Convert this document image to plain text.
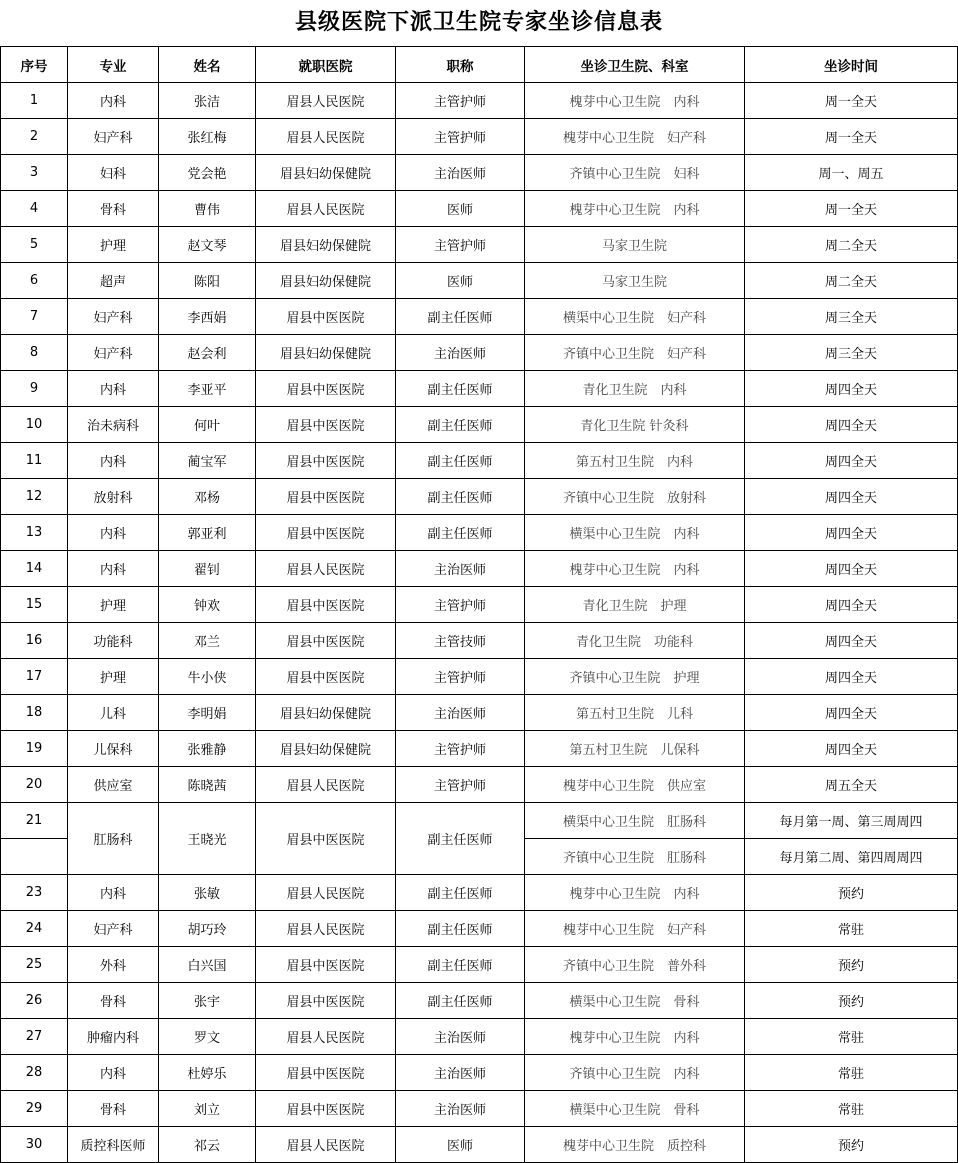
县级医院下派卫生院专家坐诊信息表
序号	专业	姓名	就职医院	职称	坐诊卫生院、科室	坐诊时间
1	内科	张洁	眉县人民医院	主管护师	槐芽中心卫生院　内科	周一全天
2	妇产科	张红梅	眉县人民医院	主管护师	槐芽中心卫生院　妇产科	周一全天
3	妇科	党会艳	眉县妇幼保健院	主治医师	齐镇中心卫生院　妇科	周一、周五
4	骨科	曹伟	眉县人民医院	医师	槐芽中心卫生院　内科	周一全天
5	护理	赵文琴	眉县妇幼保健院	主管护师	马家卫生院	周二全天
6	超声	陈阳	眉县妇幼保健院	医师	马家卫生院	周二全天
7	妇产科	李西娟	眉县中医医院	副主任医师	横渠中心卫生院　妇产科	周三全天
8	妇产科	赵会利	眉县妇幼保健院	主治医师	齐镇中心卫生院　妇产科	周三全天
9	内科	李亚平	眉县中医医院	副主任医师	青化卫生院　内科	周四全天
10	治未病科	何叶	眉县中医医院	副主任医师	青化卫生院 针灸科	周四全天
11	内科	蔺宝军	眉县中医医院	副主任医师	第五村卫生院　内科	周四全天
12	放射科	邓杨	眉县中医医院	副主任医师	齐镇中心卫生院　放射科	周四全天
13	内科	郭亚利	眉县中医医院	副主任医师	横渠中心卫生院　内科	周四全天
14	内科	翟钊	眉县人民医院	主治医师	槐芽中心卫生院　内科	周四全天
15	护理	钟欢	眉县中医医院	主管护师	青化卫生院　护理	周四全天
16	功能科	邓兰	眉县中医医院	主管技师	青化卫生院　功能科	周四全天
17	护理	牛小侠	眉县中医医院	主管护师	齐镇中心卫生院　护理	周四全天
18	儿科	李明娟	眉县妇幼保健院	主治医师	第五村卫生院　儿科	周四全天
19	儿保科	张雅静	眉县妇幼保健院	主管护师	第五村卫生院　儿保科	周四全天
20	供应室	陈晓茜	眉县人民医院	主管护师	槐芽中心卫生院　供应室	周五全天
21	肛肠科	王晓光	眉县中医医院	副主任医师	横渠中心卫生院　肛肠科	每月第一周、第三周周四
					齐镇中心卫生院　肛肠科	每月第二周、第四周周四
23	内科	张敏	眉县人民医院	副主任医师	槐芽中心卫生院　内科	预约
24	妇产科	胡巧玲	眉县人民医院	副主任医师	槐芽中心卫生院　妇产科	常驻
25	外科	白兴国	眉县中医医院	副主任医师	齐镇中心卫生院　普外科	预约
26	骨科	张宇	眉县中医医院	副主任医师	横渠中心卫生院　骨科	预约
27	肿瘤内科	罗文	眉县人民医院	主治医师	槐芽中心卫生院　内科	常驻
28	内科	杜婷乐	眉县中医医院	主治医师	齐镇中心卫生院　内科	常驻
29	骨科	刘立	眉县中医医院	主治医师	横渠中心卫生院　骨科	常驻
30	质控科医师	祁云	眉县人民医院	医师	槐芽中心卫生院　质控科	预约
